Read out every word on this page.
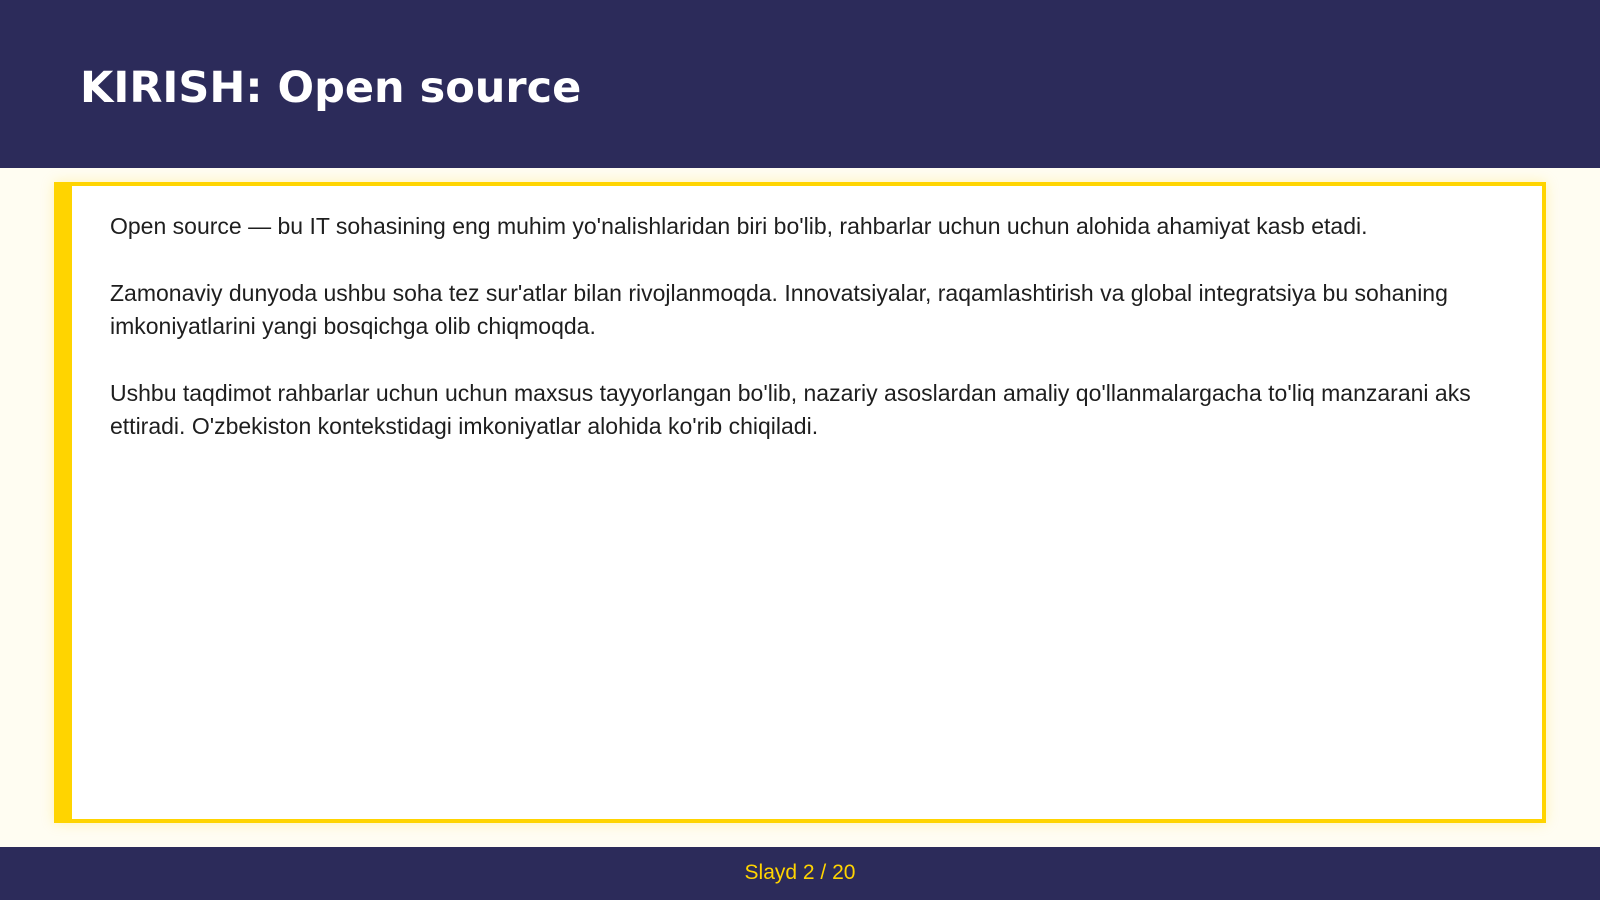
KIRISH: Open source

Open source — bu IT sohasining eng muhim yo'nalishlaridan biri bo'lib, rahbarlar uchun uchun alohida ahamiyat kasb etadi.

Zamonaviy dunyoda ushbu soha tez sur'atlar bilan rivojlanmoqda. Innovatsiyalar, raqamlashtirish va global integratsiya bu sohaning imkoniyatlarini yangi bosqichga olib chiqmoqda.

Ushbu taqdimot rahbarlar uchun uchun maxsus tayyorlangan bo'lib, nazariy asoslardan amaliy qo'llanmalargacha to'liq manzarani aks ettiradi. O'zbekiston kontekstidagi imkoniyatlar alohida ko'rib chiqiladi.

Slayd 2 / 20
